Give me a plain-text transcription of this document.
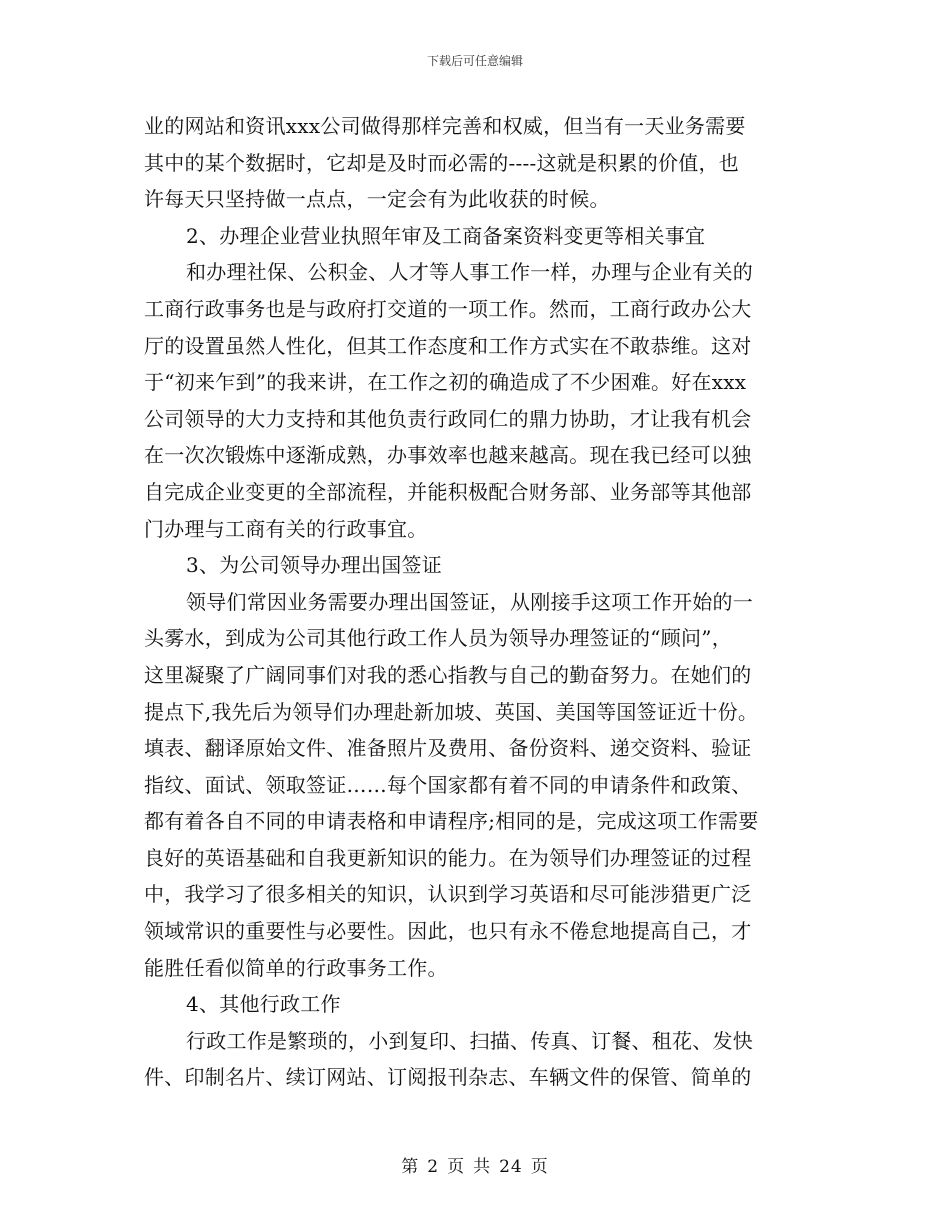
下载后可任意编辑
业的网站和资讯xxx公司做得那样完善和权威，但当有一天业务需要
其中的某个数据时，它却是及时而必需的----这就是积累的价值，也
许每天只坚持做一点点，一定会有为此收获的时候。
2、办理企业营业执照年审及工商备案资料变更等相关事宜
和办理社保、公积金、人才等人事工作一样，办理与企业有关的
工商行政事务也是与政府打交道的一项工作。然而，工商行政办公大
厅的设置虽然人性化，但其工作态度和工作方式实在不敢恭维。这对
于“初来乍到”的我来讲，在工作之初的确造成了不少困难。好在xxx
公司领导的大力支持和其他负责行政同仁的鼎力协助，才让我有机会
在一次次锻炼中逐渐成熟，办事效率也越来越高。现在我已经可以独
自完成企业变更的全部流程，并能积极配合财务部、业务部等其他部
门办理与工商有关的行政事宜。
3、为公司领导办理出国签证
领导们常因业务需要办理出国签证，从刚接手这项工作开始的一
头雾水，到成为公司其他行政工作人员为领导办理签证的“顾问”，
这里凝聚了广阔同事们对我的悉心指教与自己的勤奋努力。在她们的
提点下,我先后为领导们办理赴新加坡、英国、美国等国签证近十份。
填表、翻译原始文件、准备照片及费用、备份资料、递交资料、验证
指纹、面试、领取签证……每个国家都有着不同的申请条件和政策、
都有着各自不同的申请表格和申请程序;相同的是，完成这项工作需要
良好的英语基础和自我更新知识的能力。在为领导们办理签证的过程
中，我学习了很多相关的知识，认识到学习英语和尽可能涉猎更广泛
领域常识的重要性与必要性。因此，也只有永不倦怠地提高自己，才
能胜任看似简单的行政事务工作。
4、其他行政工作
行政工作是繁琐的，小到复印、扫描、传真、订餐、租花、发快
件、印制名片、续订网站、订阅报刊杂志、车辆文件的保管、简单的
第 2 页 共 24 页
